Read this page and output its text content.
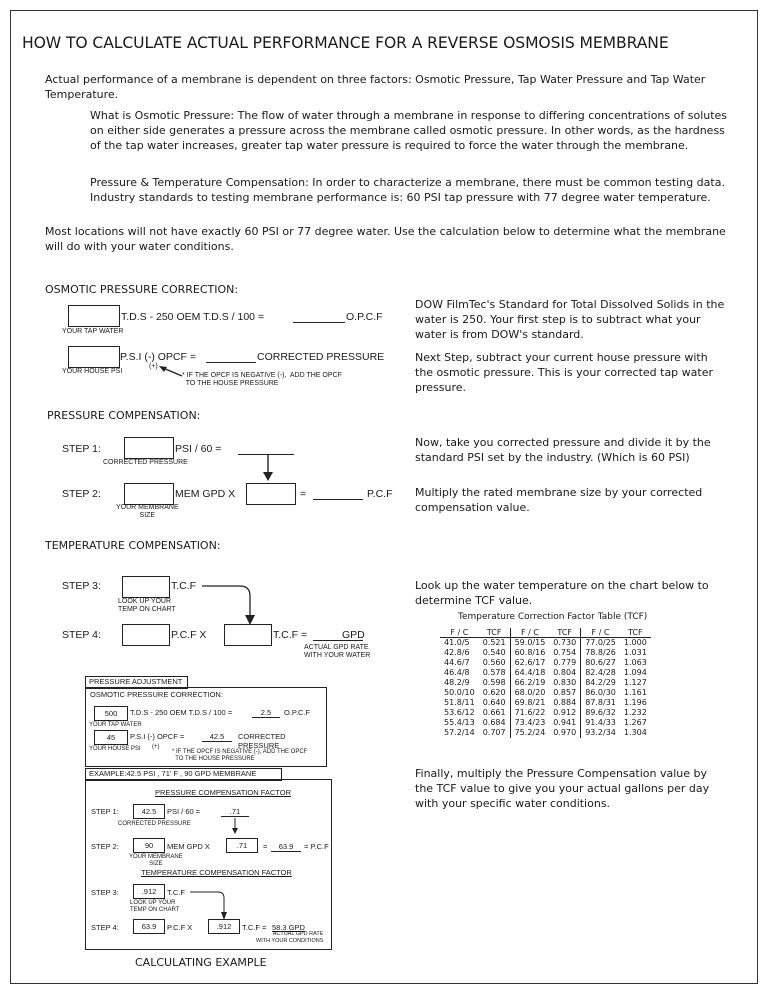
HOW TO CALCULATE ACTUAL PERFORMANCE FOR A REVERSE OSMOSIS MEMBRANE
Actual performance of a membrane is dependent on three factors: Osmotic Pressure, Tap Water Pressure and Tap Water Temperature.
What is Osmotic Pressure: The flow of water through a membrane in response to differing concentrations of solutes on either side generates a pressure across the membrane called osmotic pressure. In other words, as the hardness of the tap water increases, greater tap water pressure is required to force the water through the membrane.
Pressure & Temperature Compensation: In order to characterize a membrane, there must be common testing data. Industry standards to testing membrane performance is: 60 PSI tap pressure with 77 degree water temperature.
Most locations will not have exactly 60 PSI or 77 degree water. Use the calculation below to determine what the membrane will do with your water conditions.
OSMOTIC PRESSURE CORRECTION:
T.D.S - 250 OEM T.D.S / 100 =	O.P.C.F
YOUR TAP WATER
P.S.I (-) OPCF =	CORRECTED PRESSURE
YOUR HOUSE PSI
(+)
* IF THE OPCF IS NEGATIVE (-),  ADD THE OPCF
TO THE HOUSE PRESSURE
DOW FilmTec's Standard for Total Dissolved Solids in the water is 250. Your first step is to subtract what your water is from DOW's standard.
Next Step, subtract your current house pressure with the osmotic pressure. This is your corrected tap water pressure.
PRESSURE COMPENSATION:
STEP 1:	PSI / 60 =
CORRECTED PRESSURE
STEP 2:	MEM GPD X	=	P.C.F
YOUR MEMBRANE
SIZE
Now, take you corrected pressure and divide it by the standard PSI set by the industry. (Which is 60 PSI)
Multiply the rated membrane size by your corrected compensation value.
TEMPERATURE COMPENSATION:
STEP 3:	T.C.F
LOOK UP YOUR
TEMP ON CHART
STEP 4:	P.C.F X	T.C.F =	GPD
ACTUAL GPD RATE
WITH YOUR WATER
Look up the water temperature on the chart below to determine TCF value.
Temperature Correction Factor Table (TCF)
F / C	TCF	F / C	TCF	F / C	TCF
41.0/5	0.521	59.0/15	0.730	77.0/25	1.000
42.8/6	0.540	60.8/16	0.754	78.8/26	1.031
44.6/7	0.560	62.6/17	0.779	80.6/27	1.063
46.4/8	0.578	64.4/18	0.804	82.4/28	1.094
48.2/9	0.598	66.2/19	0.830	84.2/29	1.127
50.0/10	0.620	68.0/20	0.857	86.0/30	1.161
51.8/11	0.640	69.8/21	0.884	87.8/31	1.196
53.6/12	0.661	71.6/22	0.912	89.6/32	1.232
55.4/13	0.684	73.4/23	0.941	91.4/33	1.267
57.2/14	0.707	75.2/24	0.970	93.2/34	1.304
Finally, multiply the Pressure Compensation value by the TCF value to give you your actual gallons per day with your specific water conditions.
PRESSURE ADJUSTMENT
OSMOTIC PRESSURE CORRECTION:
500	T.D.S - 250 OEM T.D.S / 100 =	2.5	O.P.C.F
YOUR TAP WATER
45	P.S.I (-) OPCF =	42.5	CORRECTED PRESSURE
YOUR HOUSE PSI (+)
* IF THE OPCF IS NEGATIVE (-), ADD THE OPCF
TO THE HOUSE PRESSURE
EXAMPLE:42.5 PSI , 71' F , 90 GPD MEMBRANE
PRESSURE COMPENSATION FACTOR
STEP 1:	42.5	PSI / 60 =	.71
CORRECTED PRESSURE
STEP 2:	90	MEM GPD X	.71	=	63.9	= P.C.F
YOUR MEMBRANE
SIZE
TEMPERATURE COMPENSATION FACTOR
STEP 3:	.912	T.C.F
LOOK UP YOUR
TEMP ON CHART
STEP 4:	63.9	P.C.F X	.912	T.C.F = 58.3 GPD
ACTUAL GPD RATE
WITH YOUR CONDITIONS
CALCULATING EXAMPLE
